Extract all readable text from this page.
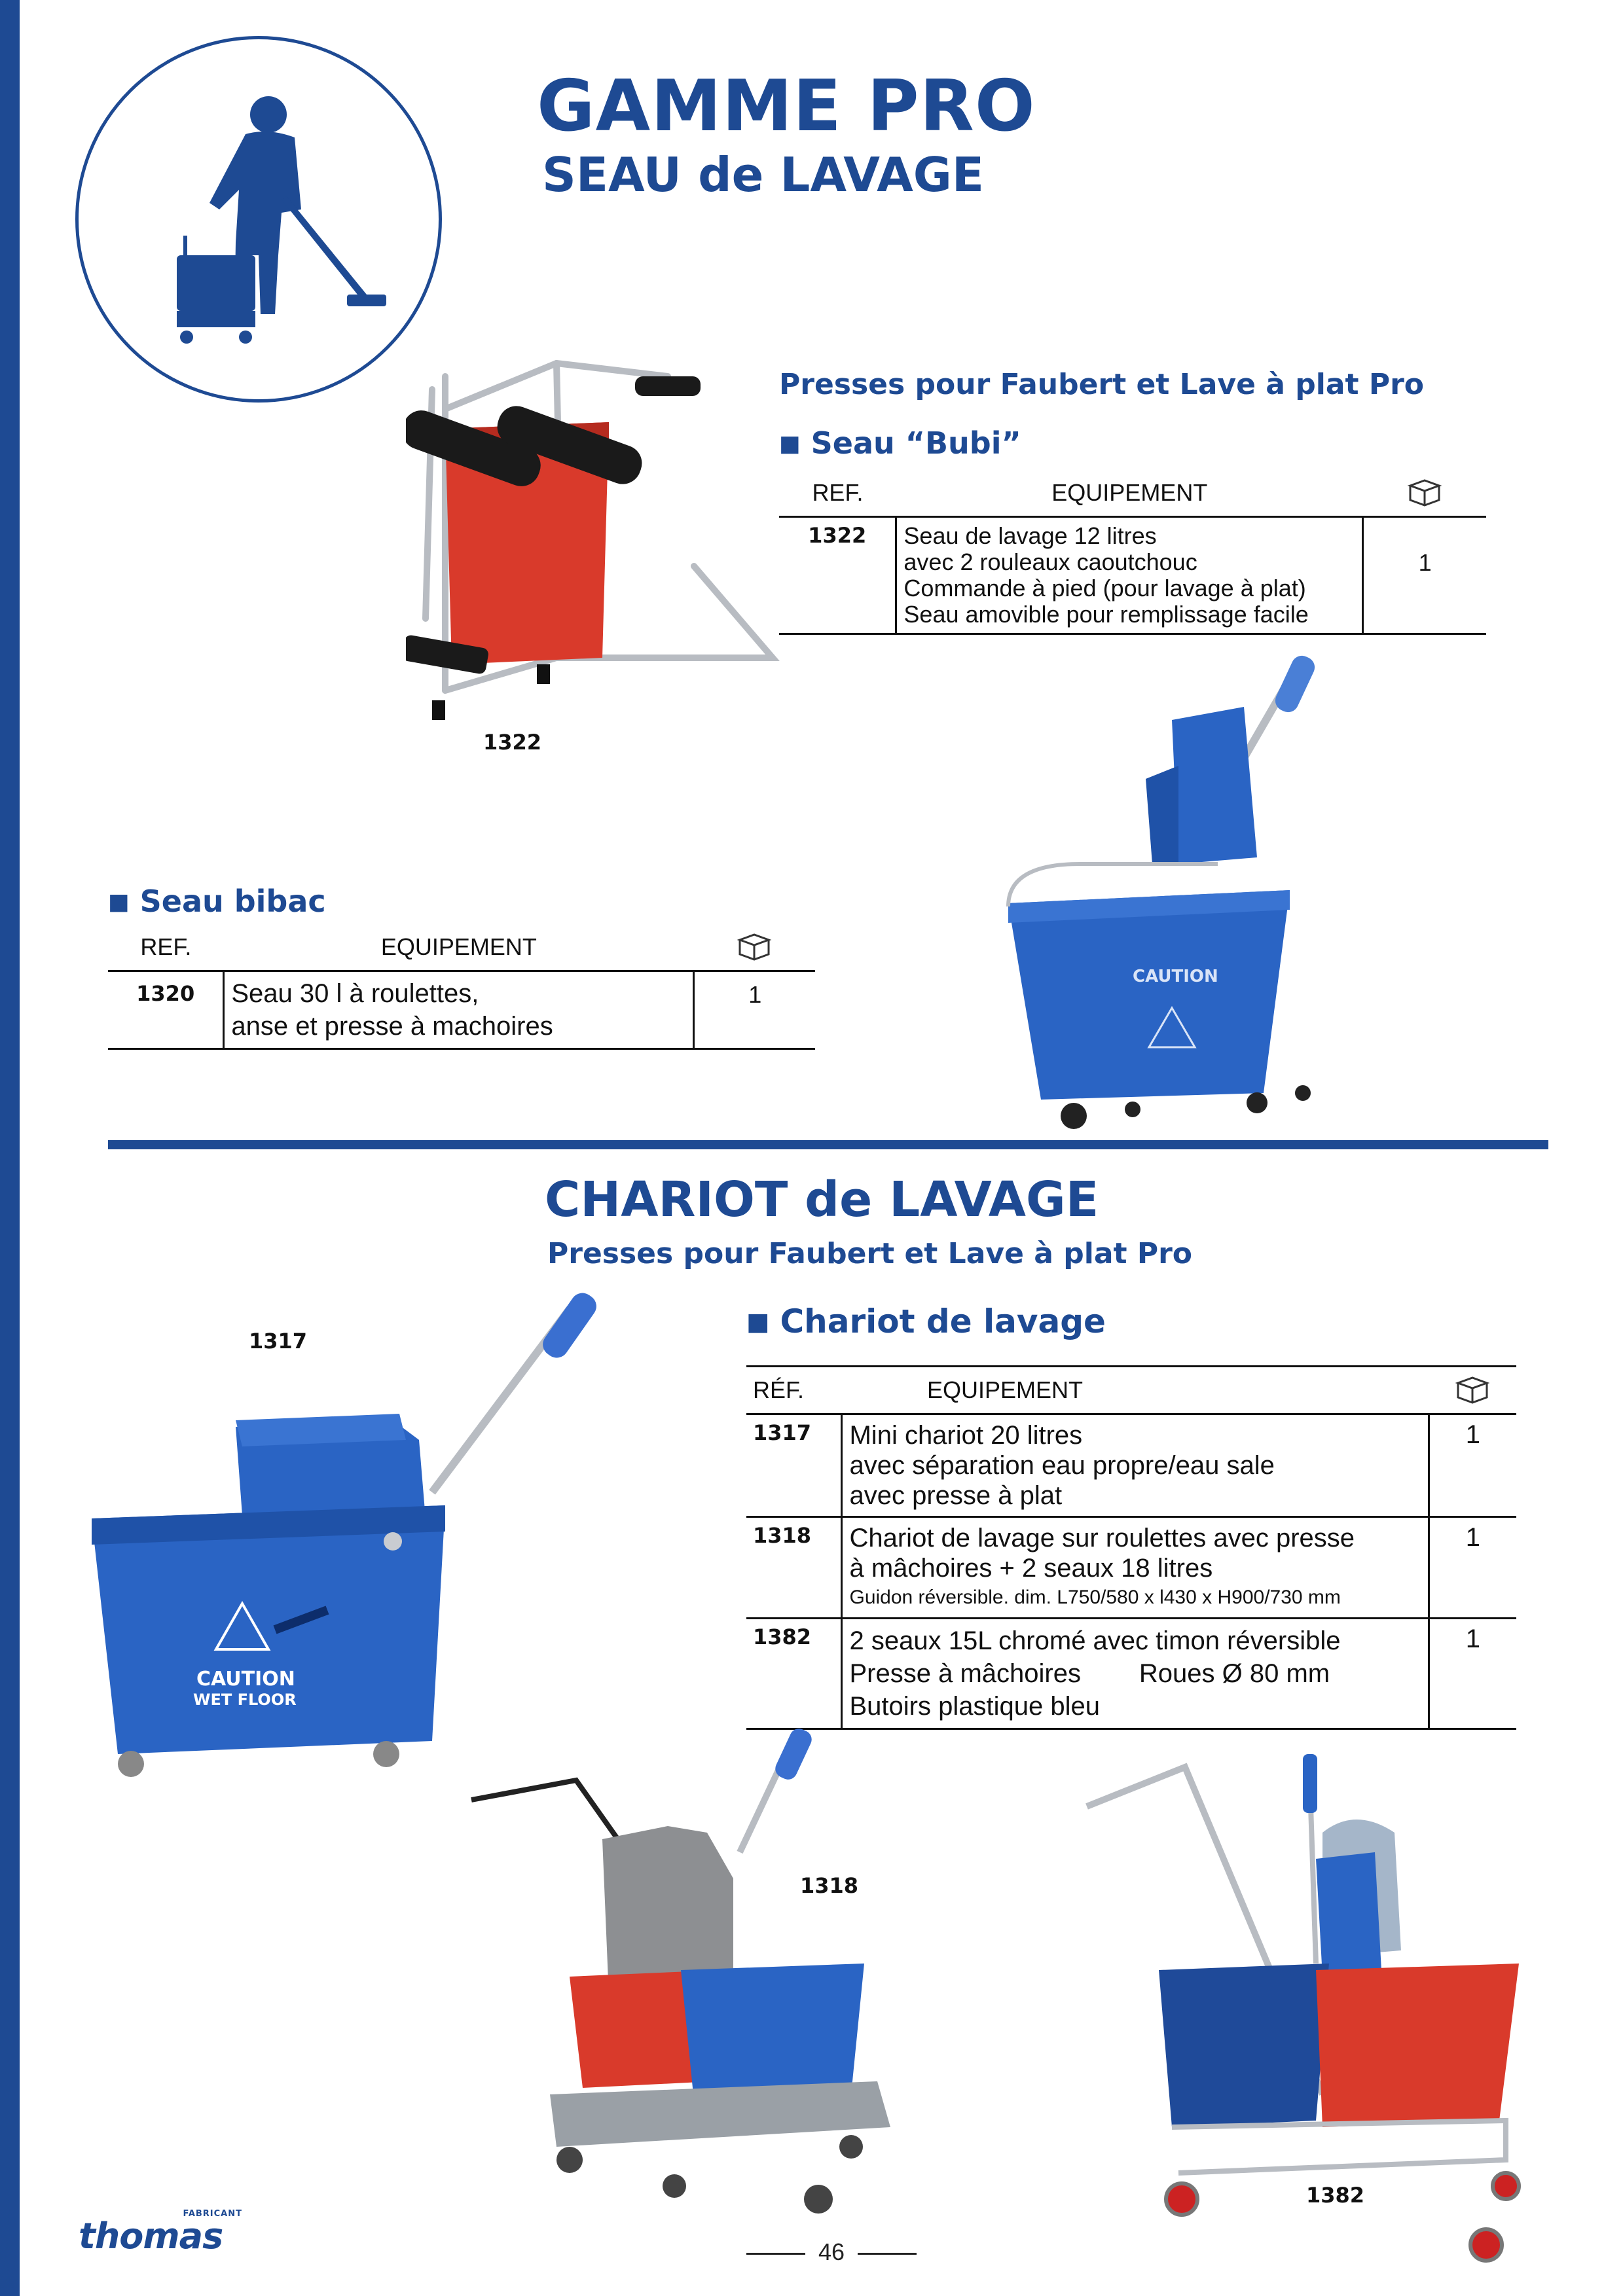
GAMME PRO
SEAU de LAVAGE
Presses pour Faubert et Lave à plat Pro
■ Seau “Bubi”
REF.	EQUIPEMENT	
1322	Seau de lavage 12 litres
avec 2 rouleaux caoutchouc
Commande à pied (pour lavage à plat)
Seau amovible pour remplissage facile	1
1322
■ Seau bibac
REF.	EQUIPEMENT	
1320	Seau 30 l à roulettes,
anse et presse à machoires	1
CAUTION
CHARIOT de LAVAGE
Presses pour Faubert et Lave à plat Pro
■ Chariot de lavage
RÉF.	EQUIPEMENT	
1317	Mini chariot 20 litres
avec séparation eau propre/eau sale
avec presse à plat	1
1318	Chariot de lavage sur roulettes avec presse
à mâchoires + 2 seaux 18 litres
Guidon réversible. dim. L750/580 x l430 x H900/730 mm	1
1382	2 seaux 15L chromé avec timon réversible
Presse à mâchoires        Roues Ø 80 mm
Butoirs plastique bleu	1
1317
CAUTION
WET FLOOR
1318
1382
FABRICANT
thomas	46
